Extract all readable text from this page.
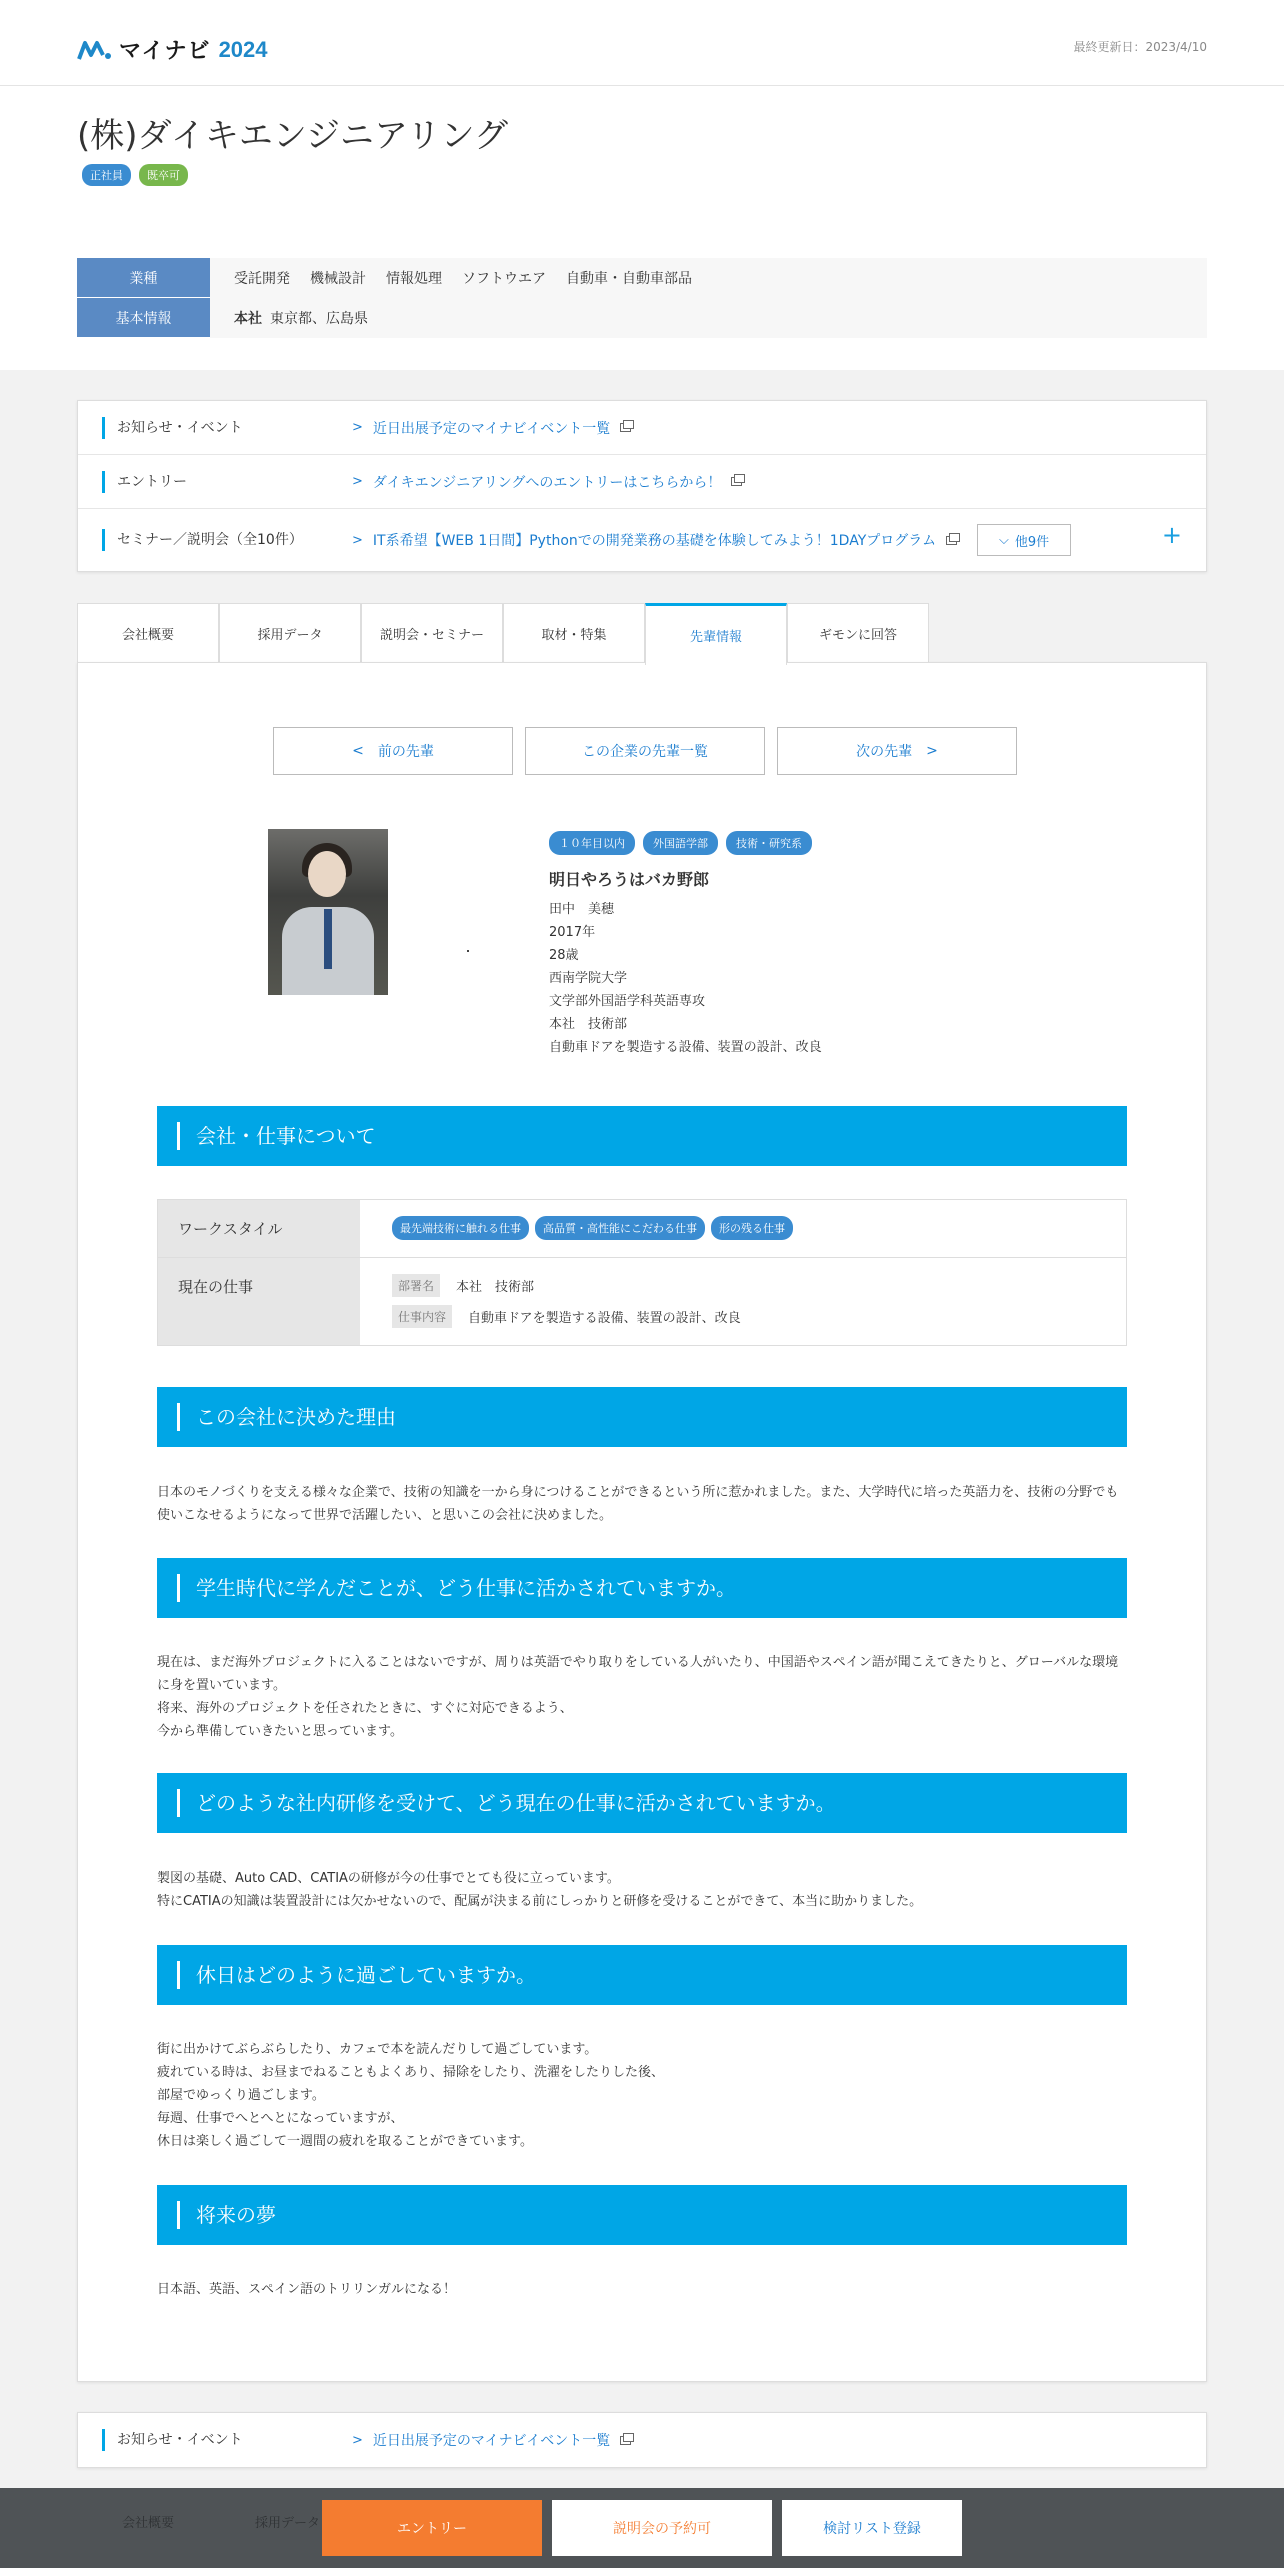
マイナビ 2024	最終更新日：2023/4/10
(株)ダイキエンジニアリング
正社員	既卒可
業種	受託開発 機械設計 情報処理 ソフトウエア 自動車・自動車部品
基本情報	本社 東京都、広島県
お知らせ・イベント	> 近日出展予定のマイナビイベント一覧
エントリー	> ダイキエンジニアリングへのエントリーはこちらから！
セミナー／説明会（全10件）	> IT系希望【WEB 1日間】Pythonでの開発業務の基礎を体験してみよう！1DAYプログラム	⌵ 他9件	+
会社概要	採用データ	説明会・セミナー	取材・特集	先輩情報	ギモンに回答
< 前の先輩	この企業の先輩一覧	次の先輩 >
１０年目以内	外国語学部	技術・研究系
明日やろうはバカ野郎
田中　美穂
2017年
28歳
西南学院大学
文学部外国語学科英語専攻
本社　技術部
自動車ドアを製造する設備、装置の設計、改良
会社・仕事について
ワークスタイル	最先端技術に触れる仕事	高品質・高性能にこだわる仕事	形の残る仕事
現在の仕事	部署名	本社　技術部
仕事内容	自動車ドアを製造する設備、装置の設計、改良
この会社に決めた理由
日本のモノづくりを支える様々な企業で、技術の知識を一から身につけることができるという所に惹かれました。また、大学時代に培った英語力を、技術の分野でも使いこなせるようになって世界で活躍したい、と思いこの会社に決めました。
学生時代に学んだことが、どう仕事に活かされていますか。
現在は、まだ海外プロジェクトに入ることはないですが、周りは英語でやり取りをしている人がいたり、中国語やスペイン語が聞こえてきたりと、グローバルな環境に身を置いています。
将来、海外のプロジェクトを任されたときに、すぐに対応できるよう、
今から準備していきたいと思っています。
どのような社内研修を受けて、どう現在の仕事に活かされていますか。
製図の基礎、Auto CAD、CATIAの研修が今の仕事でとても役に立っています。
特にCATIAの知識は装置設計には欠かせないので、配属が決まる前にしっかりと研修を受けることができて、本当に助かりました。
休日はどのように過ごしていますか。
街に出かけてぶらぶらしたり、カフェで本を読んだりして過ごしています。
疲れている時は、お昼までねることもよくあり、掃除をしたり、洗濯をしたりした後、
部屋でゆっくり過ごします。
毎週、仕事でへとへとになっていますが、
休日は楽しく過ごして一週間の疲れを取ることができています。
将来の夢
日本語、英語、スペイン語のトリリンガルになる！
お知らせ・イベント	> 近日出展予定のマイナビイベント一覧
会社概要	採用データ	エントリー	説明会の予約可	検討リスト登録
